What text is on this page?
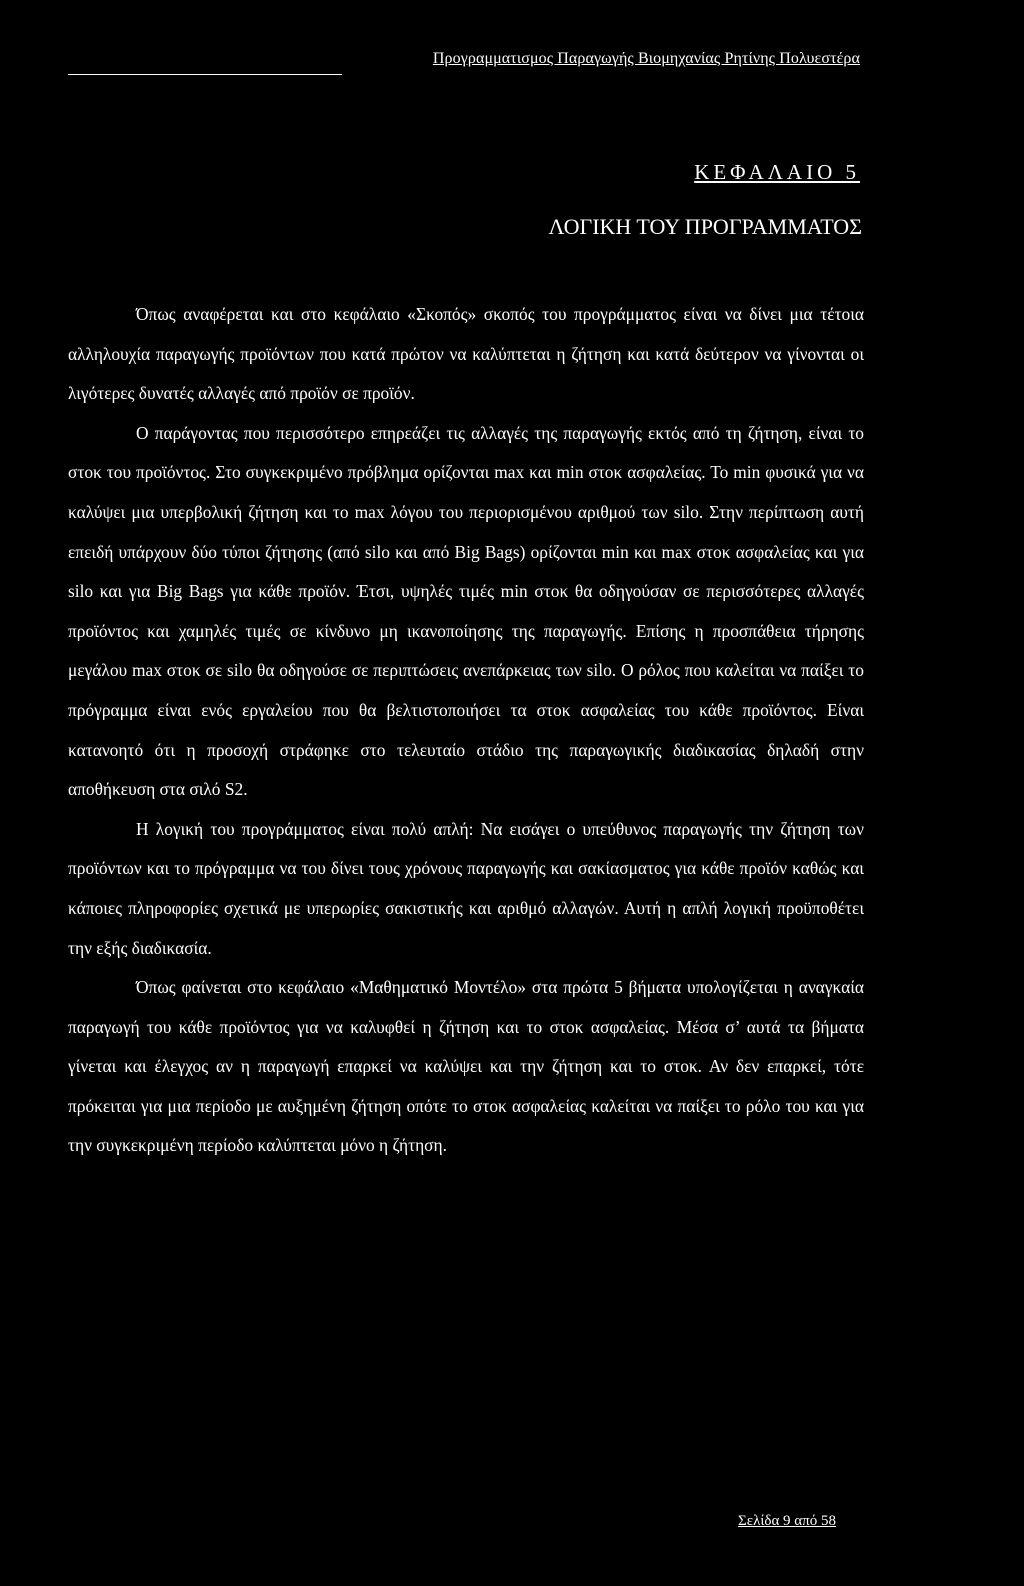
Προγραμματισμος Παραγωγής Βιομηχανίας Ρητίνης Πολυεστέρα
ΚΕΦΑΛΑΙΟ 5
ΛΟΓΙΚΗ ΤΟΥ ΠΡΟΓΡΑΜΜΑΤΟΣ

Όπως αναφέρεται και στο κεφάλαιο «Σκοπός» σκοπός του προγράμματος είναι να δίνει μια τέτοια αλληλουχία παραγωγής προϊόντων που κατά πρώτον να καλύπτεται η ζήτηση και κατά δεύτερον να γίνονται οι λιγότερες δυνατές αλλαγές από προϊόν σε προϊόν.

Ο παράγοντας που περισσότερο επηρεάζει τις αλλαγές της παραγωγής εκτός από τη ζήτηση, είναι το στοκ του προϊόντος. Στο συγκεκριμένο πρόβλημα ορίζονται max και min στοκ ασφαλείας. Το min φυσικά για να καλύψει μια υπερβολική ζήτηση και το max λόγου του περιορισμένου αριθμού των silo. Στην περίπτωση αυτή επειδή υπάρχουν δύο τύποι ζήτησης (από silo και από Big Bags) ορίζονται min και max στοκ ασφαλείας και για silo και για Big Bags για κάθε προϊόν. Έτσι, υψηλές τιμές min στοκ θα οδηγούσαν σε περισσότερες αλλαγές προϊόντος και χαμηλές τιμές σε κίνδυνο μη ικανοποίησης της παραγωγής. Επίσης η προσπάθεια τήρησης μεγάλου max στοκ σε silo θα οδηγούσε σε περιπτώσεις ανεπάρκειας των silo. Ο ρόλος που καλείται να παίξει το πρόγραμμα είναι ενός εργαλείου που θα βελτιστοποιήσει τα στοκ ασφαλείας του κάθε προϊόντος. Είναι κατανοητό ότι η προσοχή στράφηκε στο τελευταίο στάδιο της παραγωγικής διαδικασίας δηλαδή στην αποθήκευση στα σιλό S2.

Η λογική του προγράμματος είναι πολύ απλή: Να εισάγει ο υπεύθυνος παραγωγής την ζήτηση των προϊόντων και το πρόγραμμα να του δίνει τους χρόνους παραγωγής και σακίασματος για κάθε προϊόν καθώς και κάποιες πληροφορίες σχετικά με υπερωρίες σακιστικής και αριθμό αλλαγών. Αυτή η απλή λογική προϋποθέτει την εξής διαδικασία.

Όπως φαίνεται στο κεφάλαιο «Μαθηματικό Μοντέλο» στα πρώτα 5 βήματα υπολογίζεται η αναγκαία παραγωγή του κάθε προϊόντος για να καλυφθεί η ζήτηση και το στοκ ασφαλείας. Μέσα σ’ αυτά τα βήματα γίνεται και έλεγχος αν η παραγωγή επαρκεί να καλύψει και την ζήτηση και το στοκ. Αν δεν επαρκεί, τότε πρόκειται για μια περίοδο με αυξημένη ζήτηση οπότε το στοκ ασφαλείας καλείται να παίξει το ρόλο του και για την συγκεκριμένη περίοδο καλύπτεται μόνο η ζήτηση.

Σελίδα 9 από 58
